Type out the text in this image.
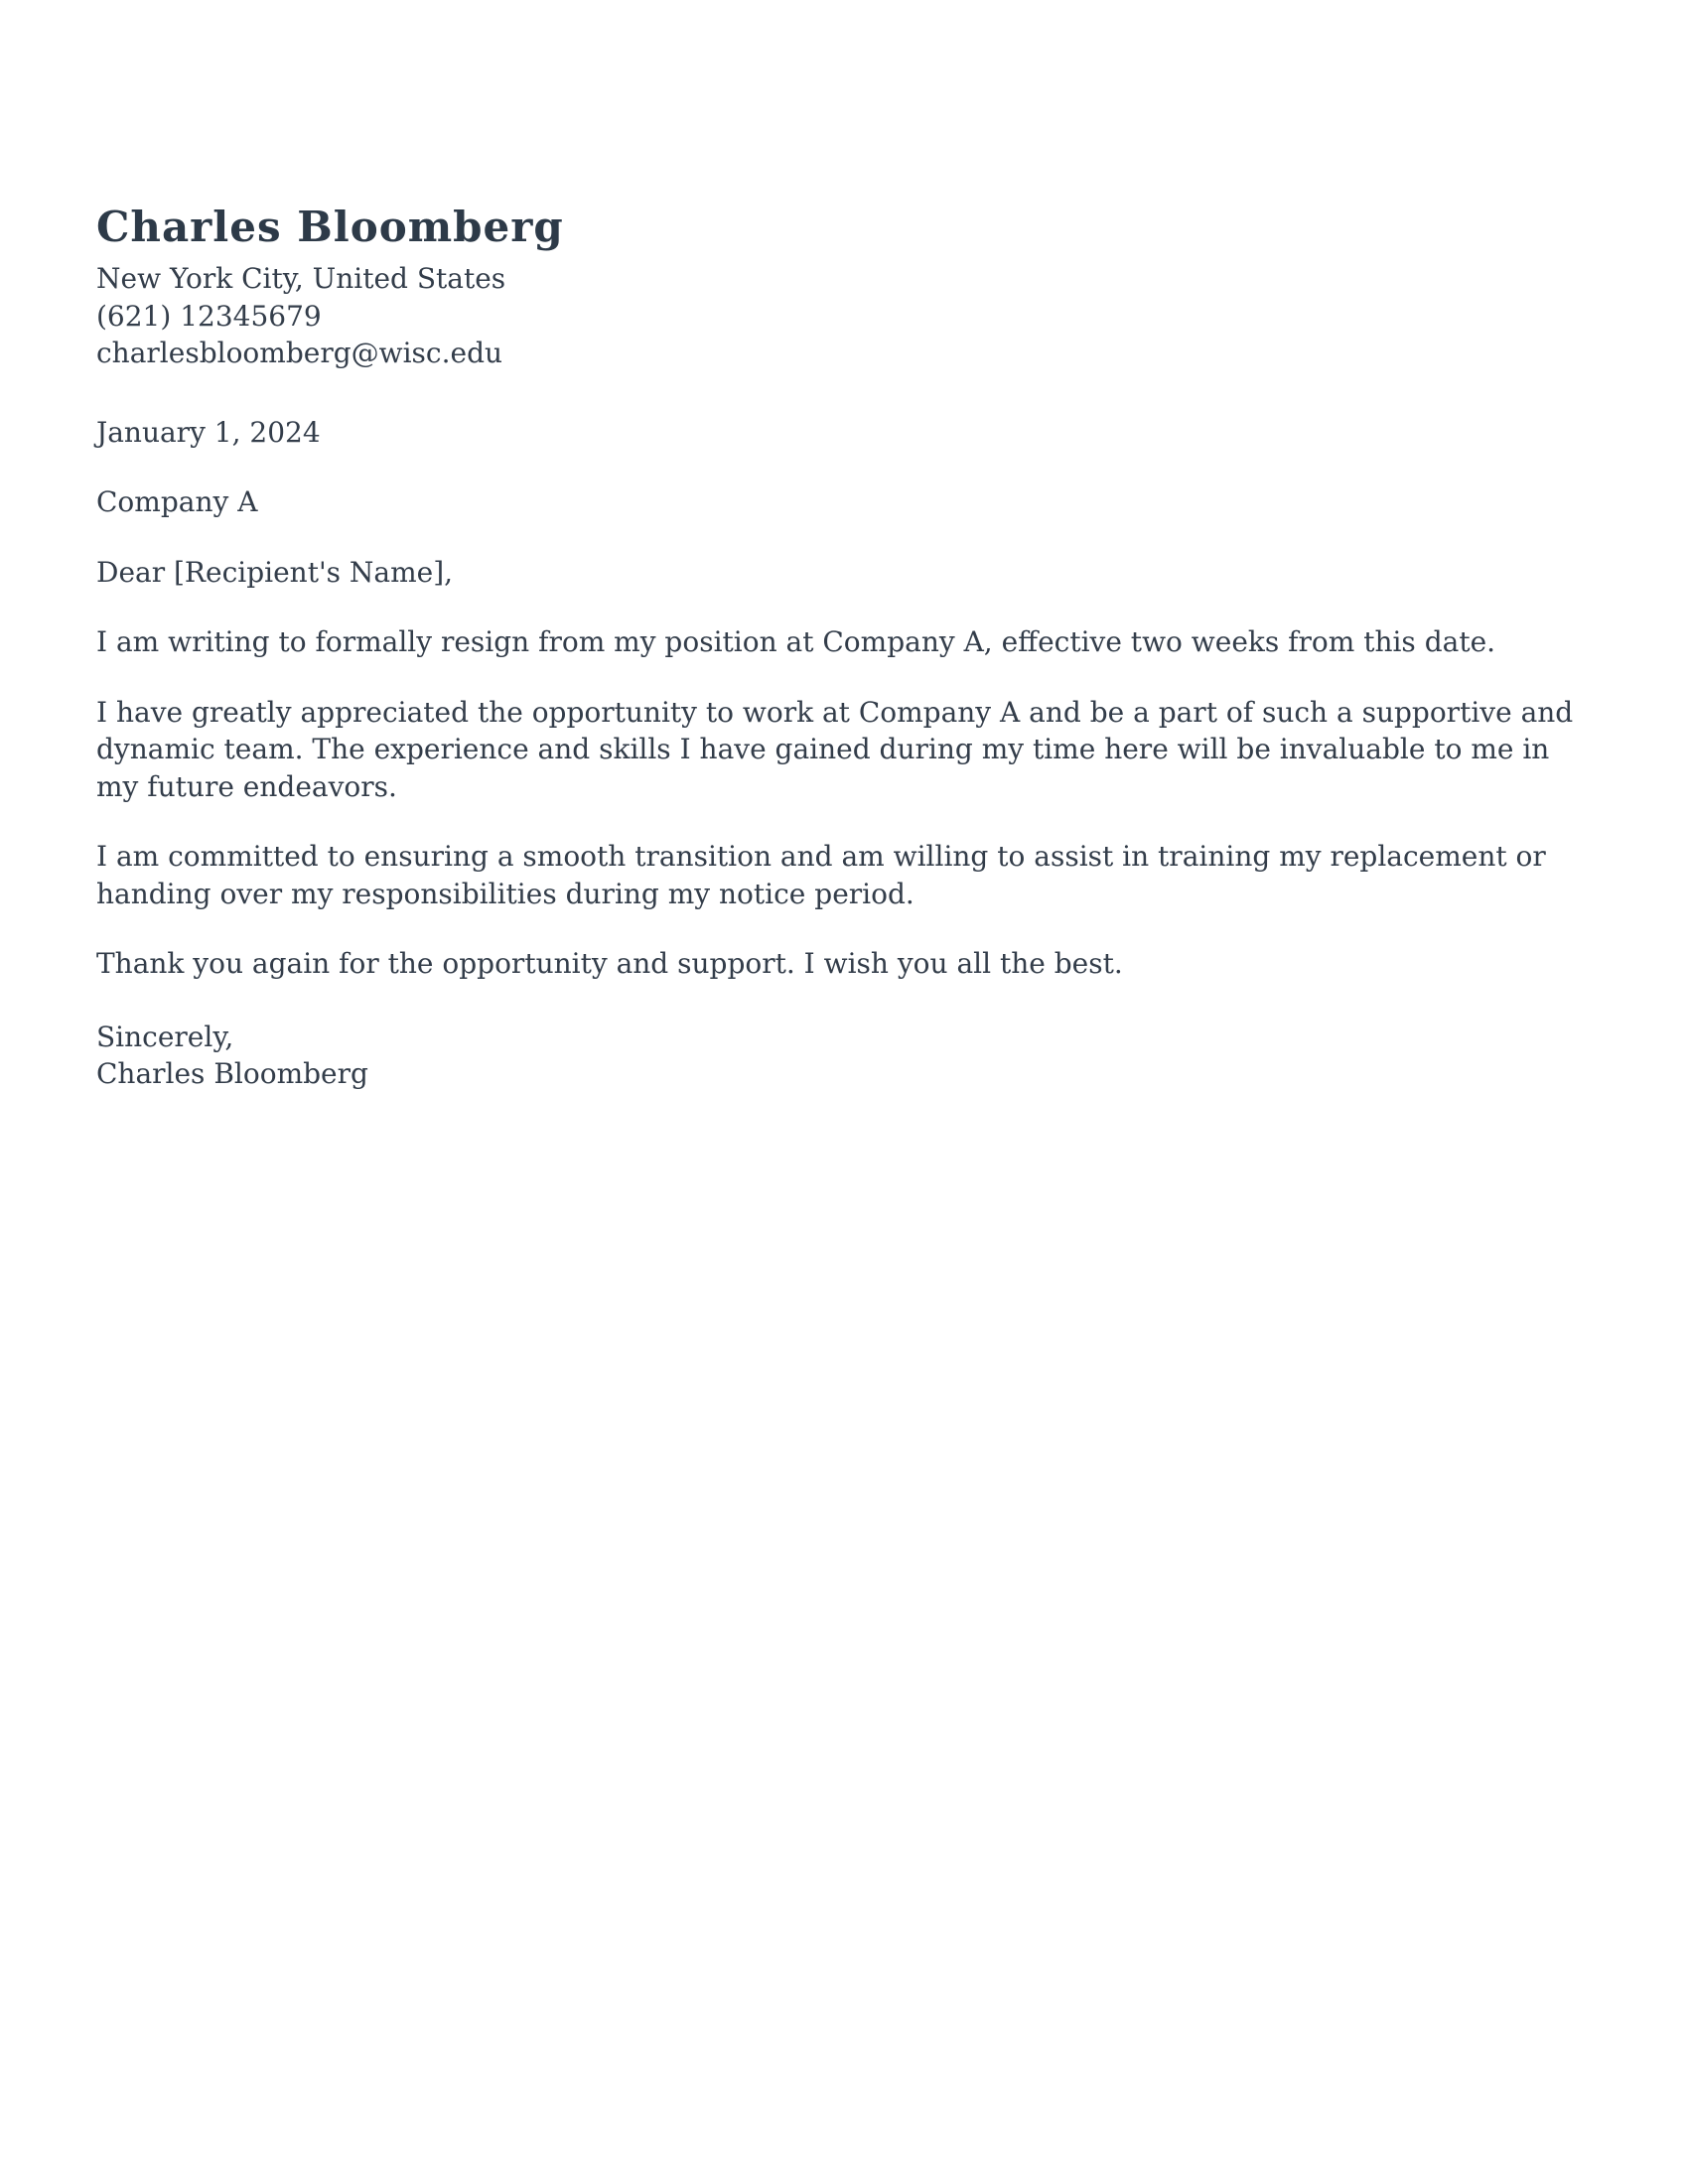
Charles Bloomberg
New York City, United States
(621) 12345679
charlesbloomberg@wisc.edu
January 1, 2024
Company A
Dear [Recipient's Name],
I am writing to formally resign from my position at Company A, effective two weeks from this date.
I have greatly appreciated the opportunity to work at Company A and be a part of such a supportive and dynamic team. The experience and skills I have gained during my time here will be invaluable to me in my future endeavors.
I am committed to ensuring a smooth transition and am willing to assist in training my replacement or handing over my responsibilities during my notice period.
Thank you again for the opportunity and support. I wish you all the best.
Sincerely,
Charles Bloomberg
